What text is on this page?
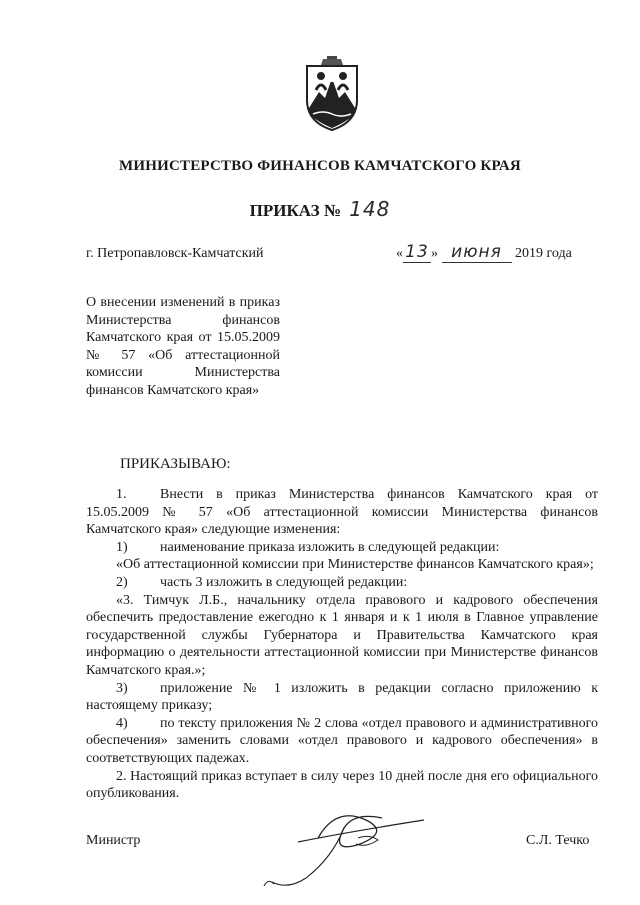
МИНИСТЕРСТВО ФИНАНСОВ КАМЧАТСКОГО КРАЯ
ПРИКАЗ № 148
г. Петропавловск-Камчатский	« 13 » июня 2019 года
О внесении изменений в приказ Министерства финансов Камчатского края от 15.05.2009 № 57 «Об аттестационной комиссии Министерства финансов Камчатского края»
ПРИКАЗЫВАЮ:

1. Внести в приказ Министерства финансов Камчатского края от 15.05.2009 № 57 «Об аттестационной комиссии Министерства финансов Камчатского края» следующие изменения:

1) наименование приказа изложить в следующей редакции:

«Об аттестационной комиссии при Министерстве финансов Камчатского края»;

2) часть 3 изложить в следующей редакции:

«3. Тимчук Л.Б., начальнику отдела правового и кадрового обеспечения обеспечить предоставление ежегодно к 1 января и к 1 июля в Главное управление государственной службы Губернатора и Правительства Камчатского края информацию о деятельности аттестационной комиссии при Министерстве финансов Камчатского края.»;

3) приложение № 1 изложить в редакции согласно приложению к настоящему приказу;

4) по тексту приложения № 2 слова «отдел правового и административного обеспечения» заменить словами «отдел правового и кадрового обеспечения» в соответствующих падежах.

2. Настоящий приказ вступает в силу через 10 дней после дня его официального опубликования.

Министр	С.Л. Течко
